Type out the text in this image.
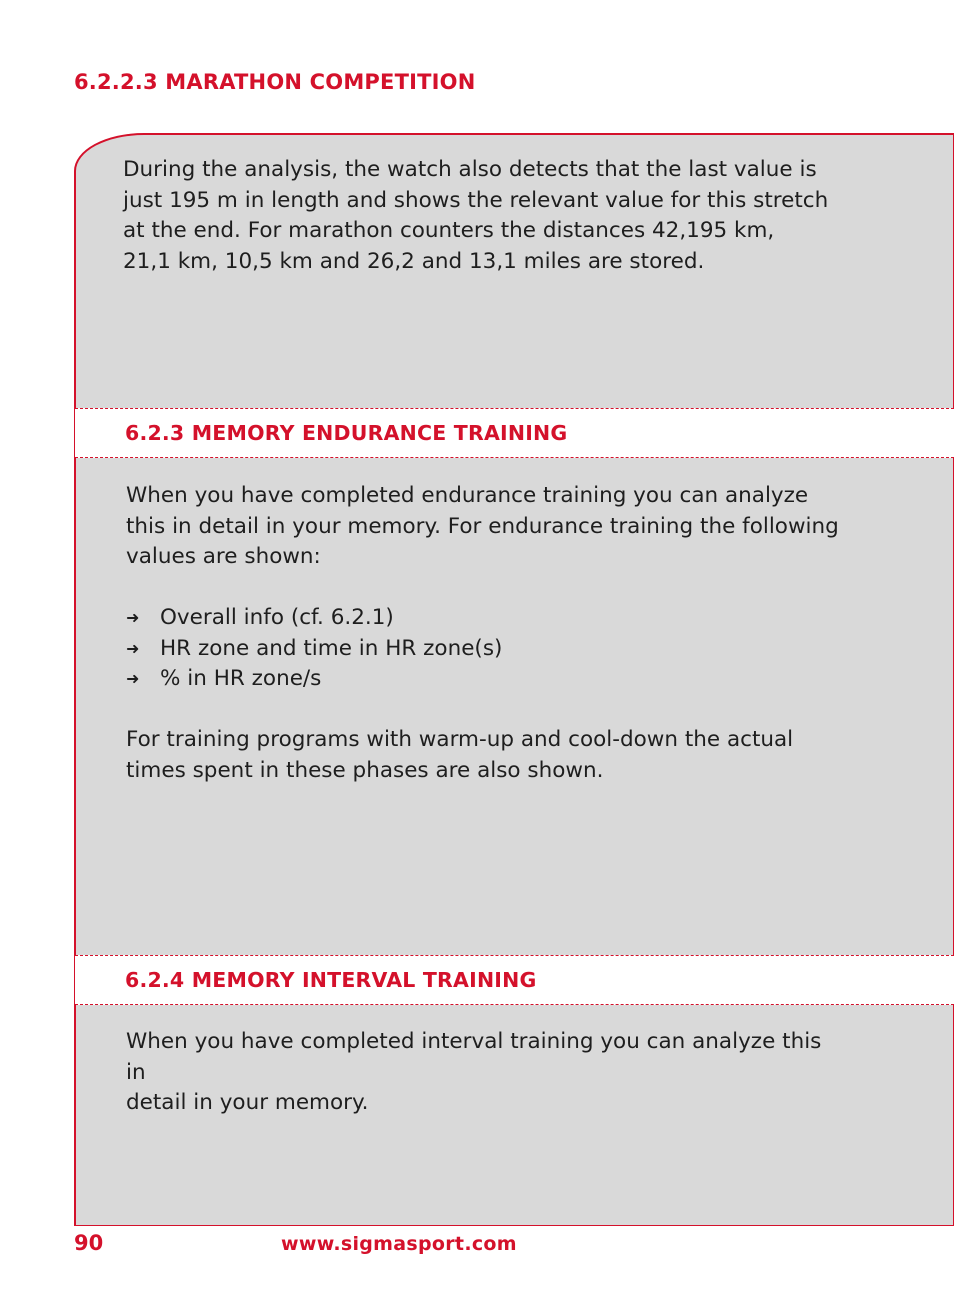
6.2.2.3 MARATHON COMPETITION

During the analysis, the watch also detects that the last value is
just 195 m in length and shows the relevant value for this stretch
at the end. For marathon counters the distances 42,195 km,
21,1 km, 10,5 km and 26,2 and 13,1 miles are stored.

6.2.3 MEMORY ENDURANCE TRAINING

When you have completed endurance training you can analyze
this in detail in your memory. For endurance training the following
values are shown:

➜ Overall info (cf. 6.2.1)
➜ HR zone and time in HR zone(s)
➜ % in HR zone/s

For training programs with warm-up and cool-down the actual
times spent in these phases are also shown.

6.2.4 MEMORY INTERVAL TRAINING

When you have completed interval training you can analyze this in
detail in your memory.

90	www.sigmasport.com
